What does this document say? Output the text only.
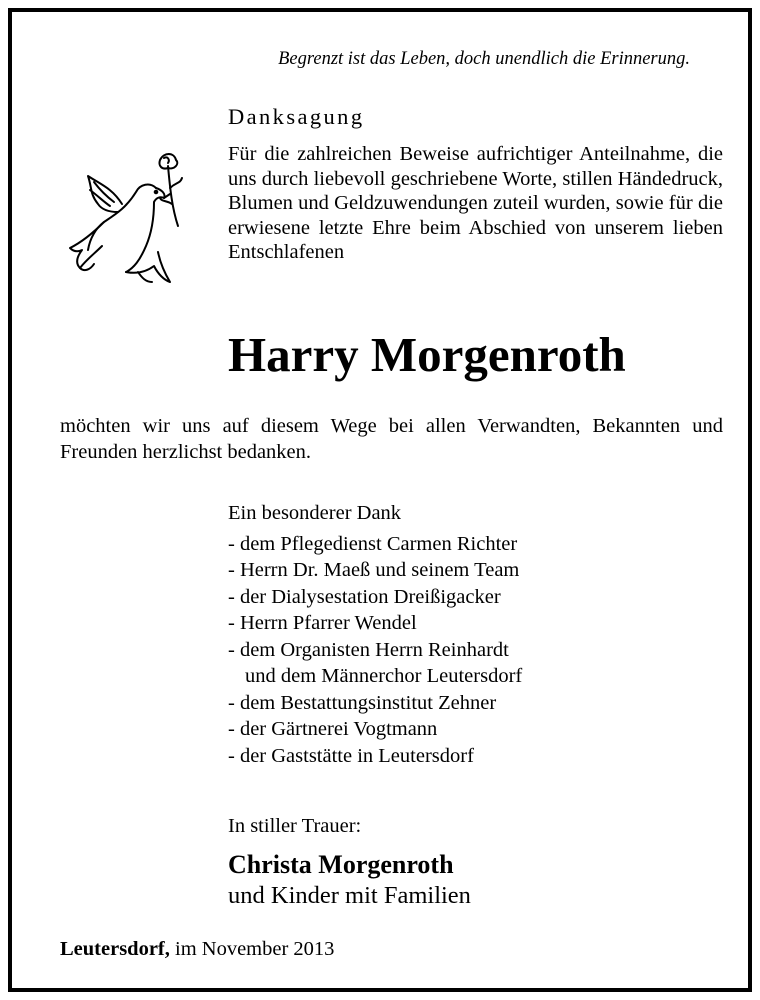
Begrenzt ist das Leben, doch unendlich die Erinnerung.
Danksagung

Für die zahlreichen Beweise aufrichtiger Anteilnahme, die uns durch liebevoll geschriebene Worte, stillen Händedruck, Blumen und Geldzuwendungen zuteil wurden, sowie für die erwiesene letzte Ehre beim Abschied von unserem lieben Entschlafenen

Harry Morgenroth

möchten wir uns auf diesem Wege bei allen Verwandten, Bekannten und Freunden herzlichst bedanken.

Ein besonderer Dank
- dem Pflegedienst Carmen Richter
- Herrn Dr. Maeß und seinem Team
- der Dialysestation Dreißigacker
- Herrn Pfarrer Wendel
- dem Organisten Herrn Reinhardt
und dem Männerchor Leutersdorf
- dem Bestattungsinstitut Zehner
- der Gärtnerei Vogtmann
- der Gaststätte in Leutersdorf
In stiller Trauer:
Christa Morgenroth
und Kinder mit Familien
Leutersdorf, im November 2013
